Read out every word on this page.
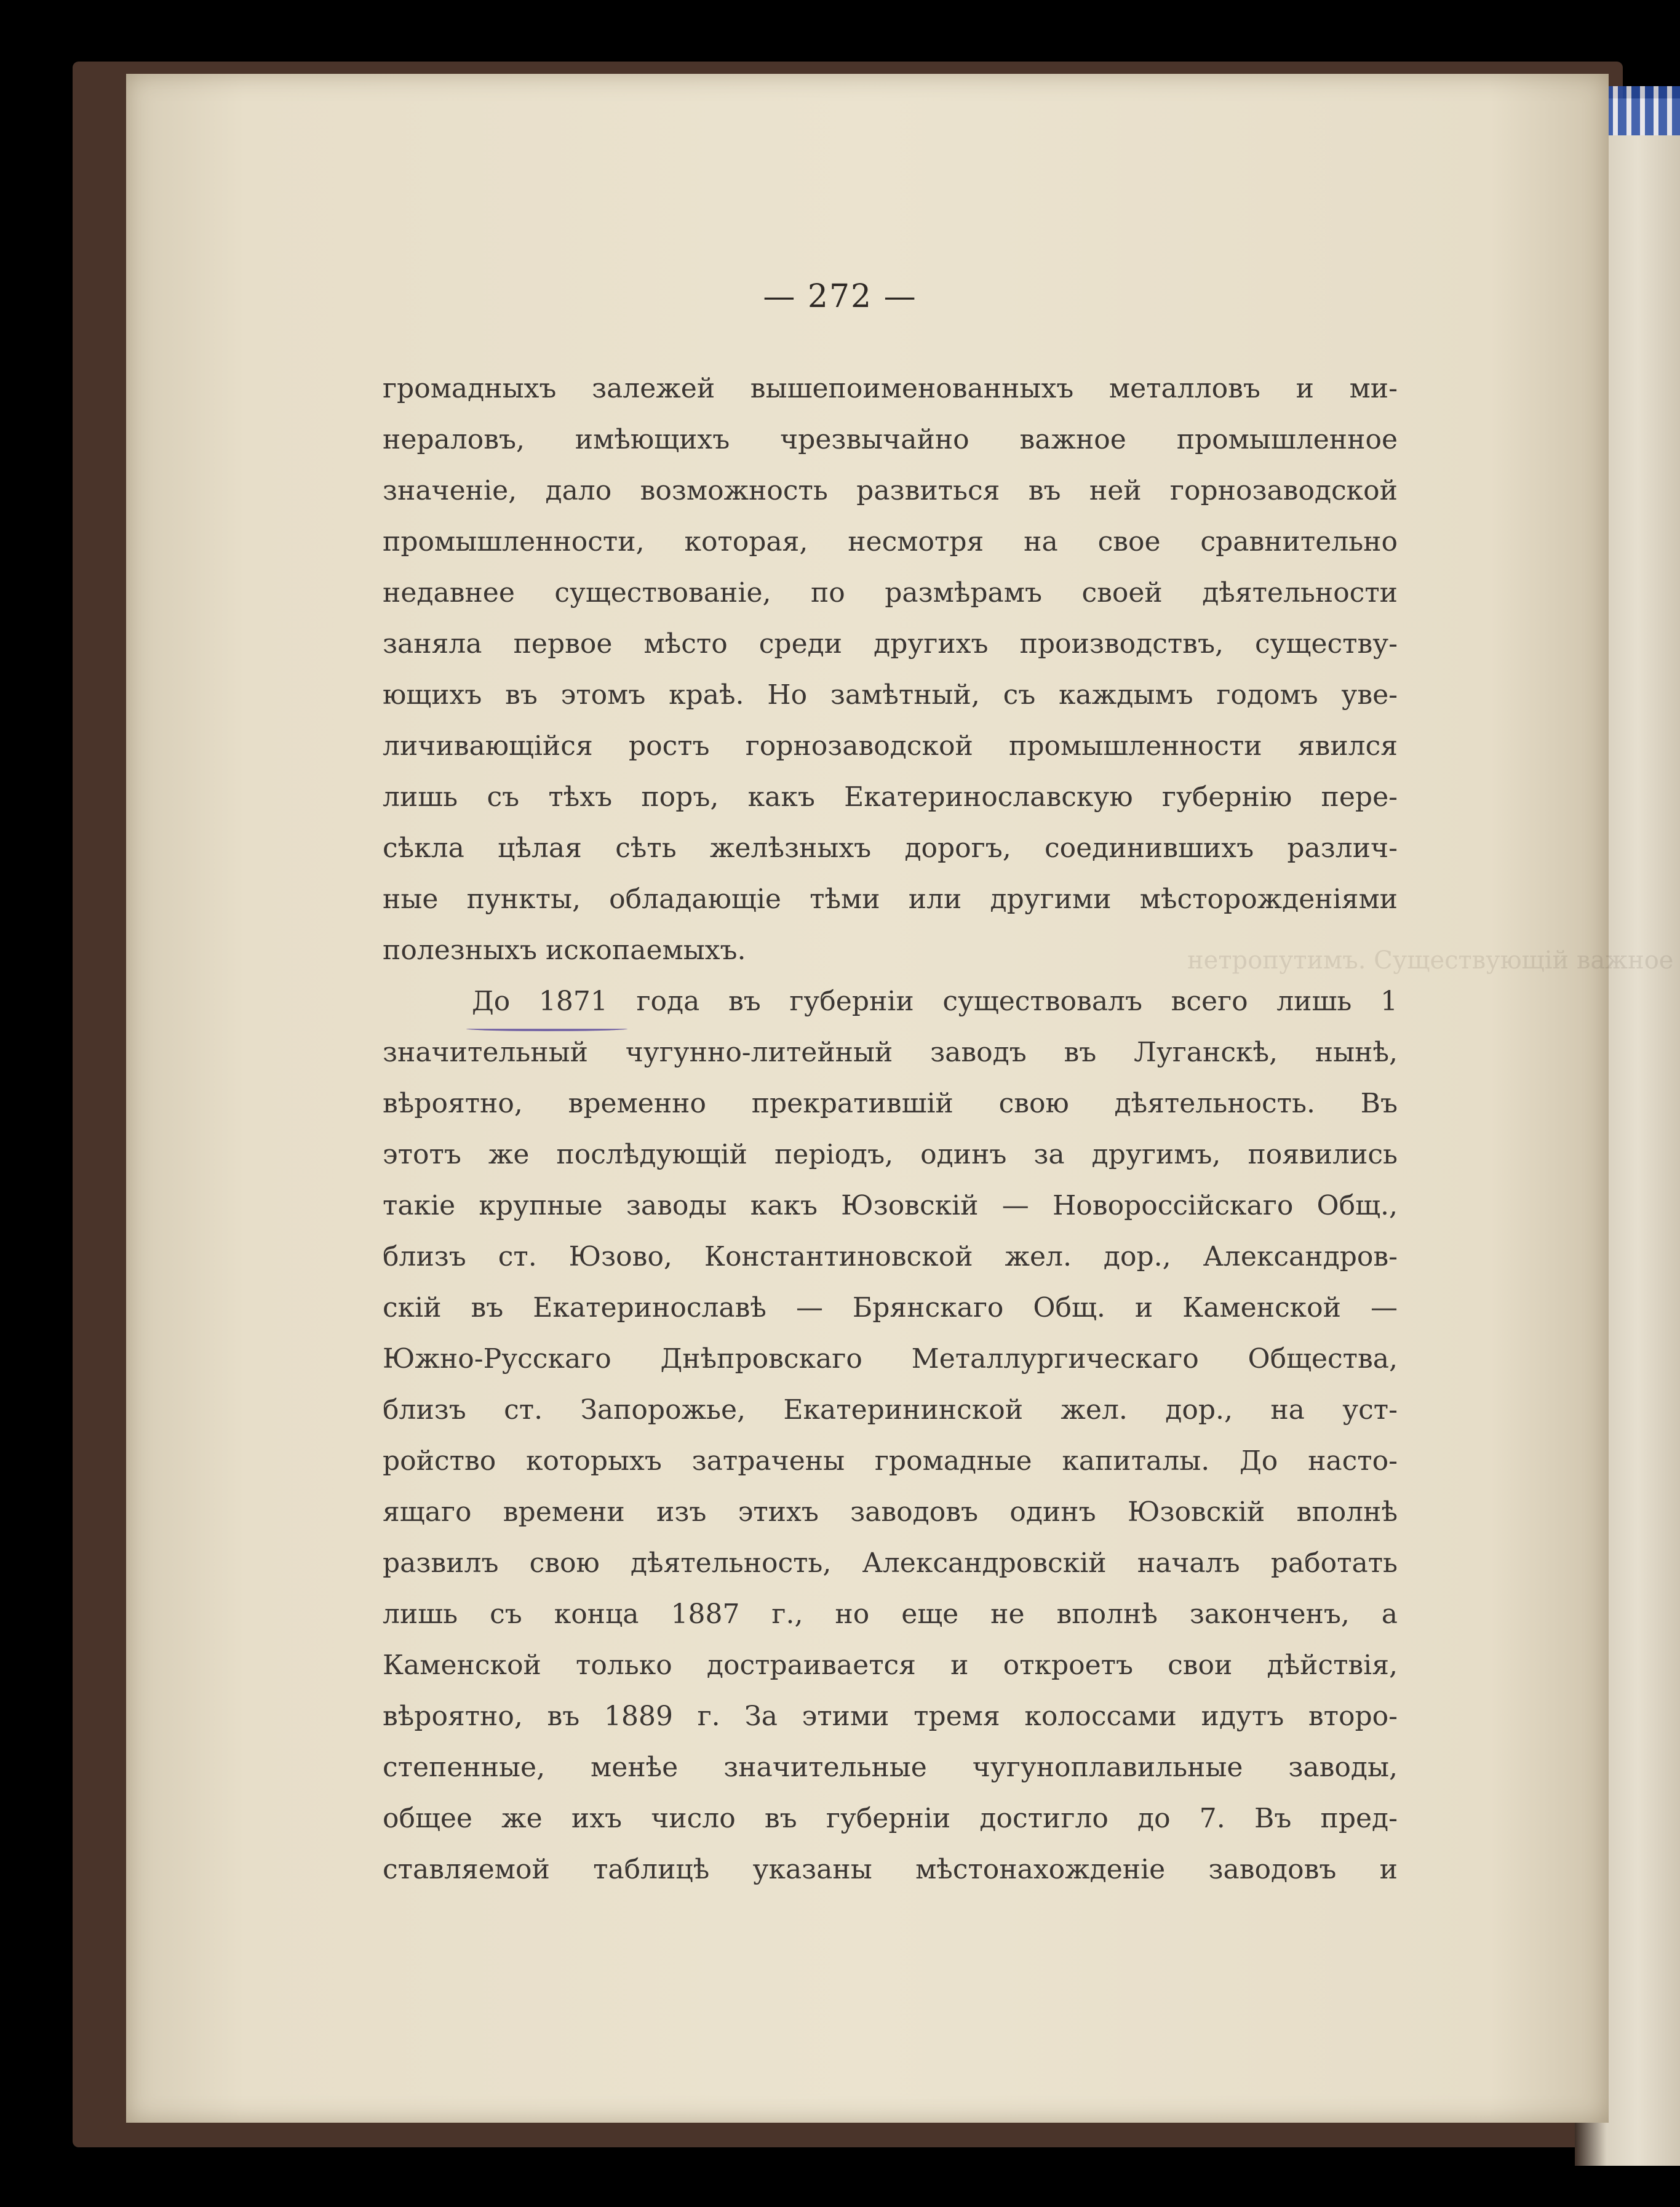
нетропутимъ. Существующій важное
— 272 —
громадныхъ залежей вышепоименованныхъ металловъ и ми-
нераловъ, имѣющихъ чрезвычайно важное промышленное
значеніе, дало возможность развиться въ ней горнозаводской
промышленности, которая, несмотря на свое сравнительно
недавнее существованіе, по размѣрамъ своей дѣятельности
заняла первое мѣсто среди другихъ производствъ, существу-
ющихъ въ этомъ краѣ. Но замѣтный, съ каждымъ годомъ уве-
личивающійся ростъ горнозаводской промышленности явился
лишь съ тѣхъ поръ, какъ Екатеринославскую губернію пере-
сѣкла цѣлая сѣть желѣзныхъ дорогъ, соединившихъ различ-
ные пункты, обладающіе тѣми или другими мѣсторожденіями
полезныхъ ископаемыхъ.
До 1871 года въ губерніи существовалъ всего лишь 1
значительный чугунно-литейный заводъ въ Луганскѣ, нынѣ,
вѣроятно, временно прекратившій свою дѣятельность. Въ
этотъ же послѣдующій періодъ, одинъ за другимъ, появились
такіе крупные заводы какъ Юзовскій — Новороссійскаго Общ.,
близъ ст. Юзово, Константиновской жел. дор., Александров-
скій въ Екатеринославѣ — Брянскаго Общ. и Каменской —
Южно-Русскаго Днѣпровскаго Металлургическаго Общества,
близъ ст. Запорожье, Екатерининской жел. дор., на уст-
ройство которыхъ затрачены громадные капиталы. До насто-
ящаго времени изъ этихъ заводовъ одинъ Юзовскій вполнѣ
развилъ свою дѣятельность, Александровскій началъ работать
лишь съ конца 1887 г., но еще не вполнѣ законченъ, а
Каменской только достраивается и откроетъ свои дѣйствія,
вѣроятно, въ 1889 г. За этими тремя колоссами идутъ второ-
степенные, менѣе значительные чугуноплавильные заводы,
общее же ихъ число въ губерніи достигло до 7. Въ пред-
ставляемой таблицѣ указаны мѣстонахожденіе заводовъ и
